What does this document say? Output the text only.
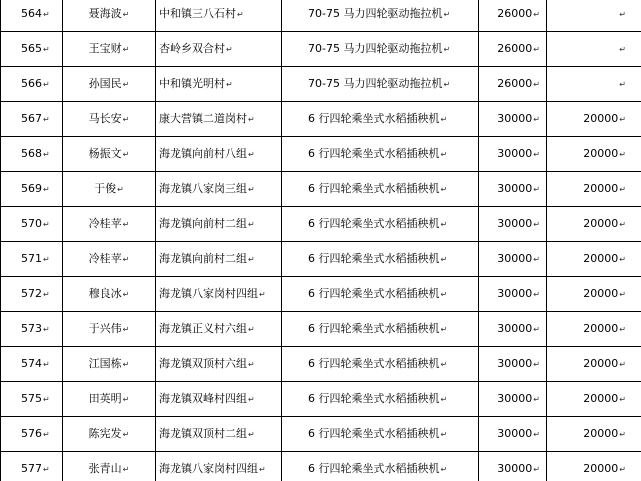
564↵	聂海波↵	中和镇三八石村↵	70-75 马力四轮驱动拖拉机↵	26000↵	↵
565↵	王宝财↵	杏岭乡双合村↵	70-75 马力四轮驱动拖拉机↵	26000↵	↵
566↵	孙国民↵	中和镇光明村↵	70-75 马力四轮驱动拖拉机↵	26000↵	↵
567↵	马长安↵	康大营镇二道岗村↵	6 行四轮乘坐式水稻插秧机↵	30000↵	20000↵
568↵	杨振文↵	海龙镇向前村八组↵	6 行四轮乘坐式水稻插秧机↵	30000↵	20000↵
569↵	于俊↵	海龙镇八家岗三组↵	6 行四轮乘坐式水稻插秧机↵	30000↵	20000↵
570↵	冷桂苹↵	海龙镇向前村二组↵	6 行四轮乘坐式水稻插秧机↵	30000↵	20000↵
571↵	冷桂苹↵	海龙镇向前村二组↵	6 行四轮乘坐式水稻插秧机↵	30000↵	20000↵
572↵	穆良冰↵	海龙镇八家岗村四组↵	6 行四轮乘坐式水稻插秧机↵	30000↵	20000↵
573↵	于兴伟↵	海龙镇正义村六组↵	6 行四轮乘坐式水稻插秧机↵	30000↵	20000↵
574↵	江国栋↵	海龙镇双顶村六组↵	6 行四轮乘坐式水稻插秧机↵	30000↵	20000↵
575↵	田英明↵	海龙镇双峰村四组↵	6 行四轮乘坐式水稻插秧机↵	30000↵	20000↵
576↵	陈宪发↵	海龙镇双顶村二组↵	6 行四轮乘坐式水稻插秧机↵	30000↵	20000↵
577↵	张青山↵	海龙镇八家岗村四组↵	6 行四轮乘坐式水稻插秧机↵	30000↵	20000↵
